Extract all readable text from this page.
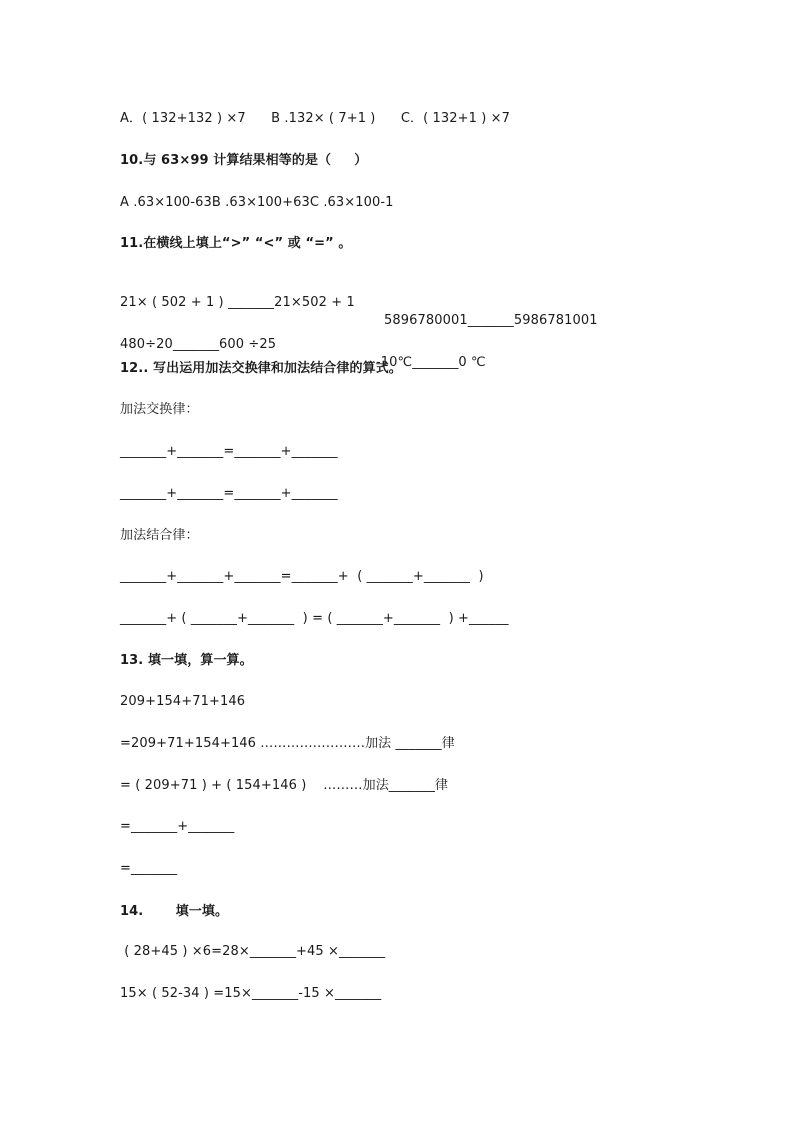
A．( 132+132 ) ×7      B .132× ( 7+1 )      C．( 132+1 ) ×7
10.与 63×99 计算结果相等的是（     ）
A .63×100-63B .63×100+63C .63×100-1
11.在横线上填上“>” “<” 或 “=” 。

21× ( 502 + 1 ) _______21×502 + 1

5896780001_______5986781001

480÷20_______600 ÷25

-10℃_______0 ℃

12.. 写出运用加法交换律和加法结合律的算式。
加法交换律：
_______+_______=_______+_______
_______+_______=_______+_______
加法结合律：
_______+_______+_______=_______+  ( _______+_______  )
_______+ ( _______+_______  ) = ( _______+_______  ) +______
13. 填一填，算一算。
209+154+71+146
=209+71+154+146 ……………………加法 _______律
= ( 209+71 ) + ( 154+146 )    ………加法_______律
=_______+_______
=_______
14.       填一填。
( 28+45 ) ×6=28×_______+45 ×_______
15× ( 52-34 ) =15×_______-15 ×_______
